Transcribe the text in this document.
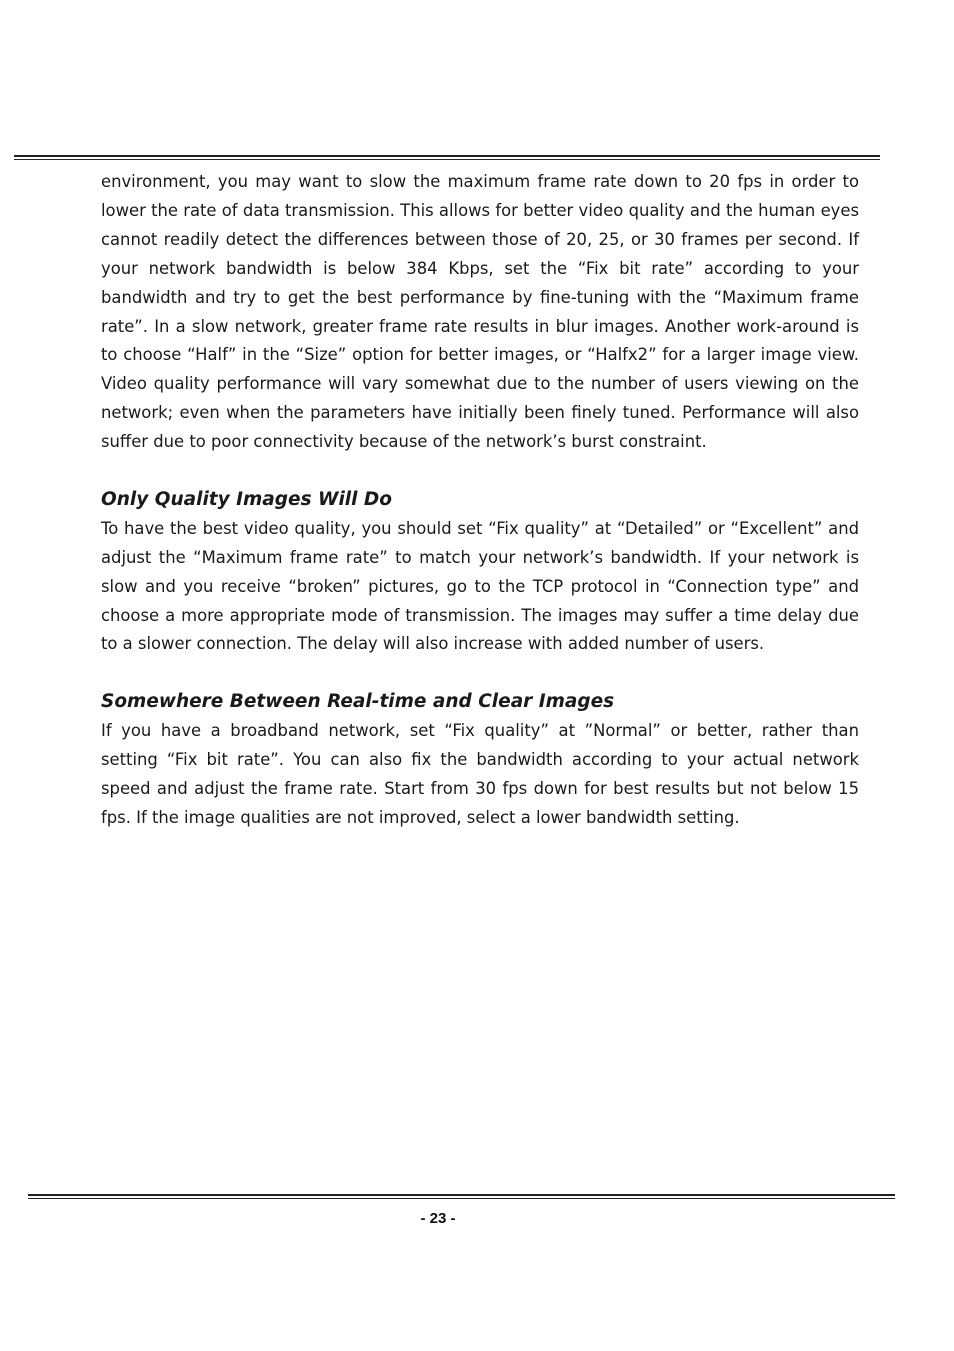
environment, you may want to slow the maximum frame rate down to 20 fps in order to lower the rate of data transmission. This allows for better video quality and the human eyes cannot readily detect the differences between those of 20, 25, or 30 frames per second. If your network bandwidth is below 384 Kbps, set the “Fix bit rate” according to your bandwidth and try to get the best performance by fine-tuning with the “Maximum frame rate”. In a slow network, greater frame rate results in blur images. Another work-around is to choose “Half” in the “Size” option for better images, or “Halfx2” for a larger image view. Video quality performance will vary somewhat due to the number of users viewing on the network; even when the parameters have initially been finely tuned. Performance will also suffer due to poor connectivity because of the network’s burst constraint.

Only Quality Images Will Do

To have the best video quality, you should set “Fix quality” at “Detailed” or “Excellent” and adjust the “Maximum frame rate” to match your network’s bandwidth. If your network is slow and you receive “broken” pictures, go to the TCP protocol in “Connection type” and choose a more appropriate mode of transmission. The images may suffer a time delay due to a slower connection. The delay will also increase with added number of users.

Somewhere Between Real-time and Clear Images

If you have a broadband network, set “Fix quality” at ”Normal” or better, rather than setting “Fix bit rate”. You can also fix the bandwidth according to your actual network speed and adjust the frame rate. Start from 30 fps down for best results but not below 15 fps. If the image qualities are not improved, select a lower bandwidth setting.

- 23 -
